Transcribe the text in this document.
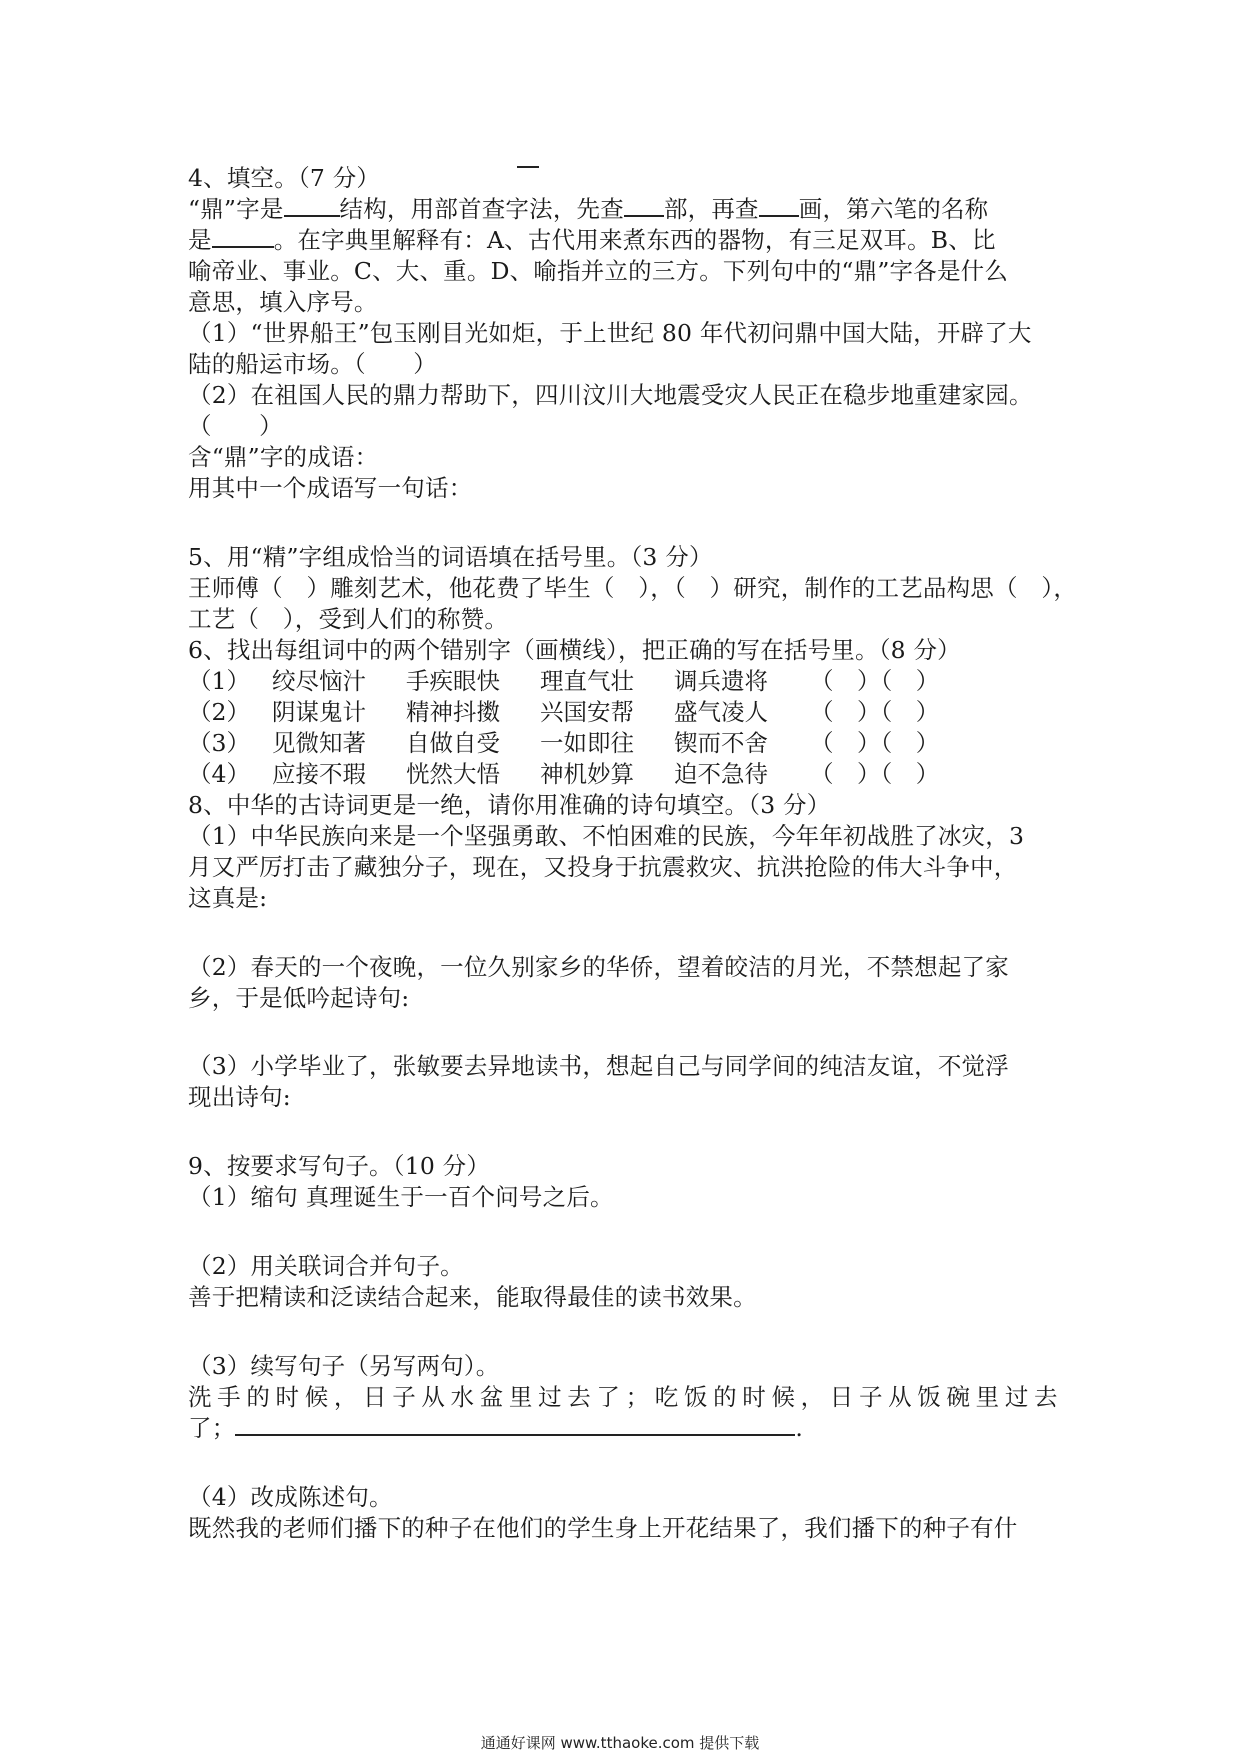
4、填空。（7 分）
“鼎”字是 结构，用部首查字法，先查 部，再查 画，第六笔的名称
是	。在字典里解释有：A、古代用来煮东西的器物，有三足双耳。B、比
喻帝业、事业。C、大、重。D、喻指并立的三方。下列句中的“鼎”字各是什么
意思，填入序号。
（1）“世界船王”包玉刚目光如炬，于上世纪 80 年代初问鼎中国大陆，开辟了大
陆的船运市场。（　　）
（2）在祖国人民的鼎力帮助下，四川汶川大地震受灾人民正在稳步地重建家园。
（　　）
含“鼎”字的成语：
用其中一个成语写一句话：
5、用“精”字组成恰当的词语填在括号里。（3 分）
王师傅（　）雕刻艺术，他花费了毕生（　），（　）研究，制作的工艺品构思（　），
工艺（　），受到人们的称赞。
6、找出每组词中的两个错别字（画横线），把正确的写在括号里。（8 分）
（1） 绞尽恼汁 手疾眼快 理直气壮 调兵遗将 （　）（　）
（2） 阴谋鬼计 精神抖擞 兴国安帮 盛气凌人 （　）（　）
（3） 见微知著 自做自受 一如即往 锲而不舍 （　）（　）
（4） 应接不瑕 恍然大悟 神机妙算 迫不急待 （　）（　）
8、中华的古诗词更是一绝，请你用准确的诗句填空。（3 分）
（1）中华民族向来是一个坚强勇敢、不怕困难的民族，今年年初战胜了冰灾，3
月又严厉打击了藏独分子，现在，又投身于抗震救灾、抗洪抢险的伟大斗争中，
这真是:
（2）春天的一个夜晚，一位久别家乡的华侨，望着皎洁的月光，不禁想起了家
乡，于是低吟起诗句:
（3）小学毕业了，张敏要去异地读书，想起自己与同学间的纯洁友谊，不觉浮
现出诗句:
9、按要求写句子。（10 分）
（1）缩句 真理诞生于一百个问号之后。
（2）用关联词合并句子。
善于把精读和泛读结合起来，能取得最佳的读书效果。
（3）续写句子（另写两句）。
洗 手 的 时 候 ， 日 子 从 水 盆 里 过 去 了 ； 吃 饭 的 时 候 ， 日 子 从 饭 碗 里 过 去
了；	.
（4）改成陈述句。
既然我的老师们播下的种子在他们的学生身上开花结果了，我们播下的种子有什
通通好课网 www.tthaoke.com 提供下载
